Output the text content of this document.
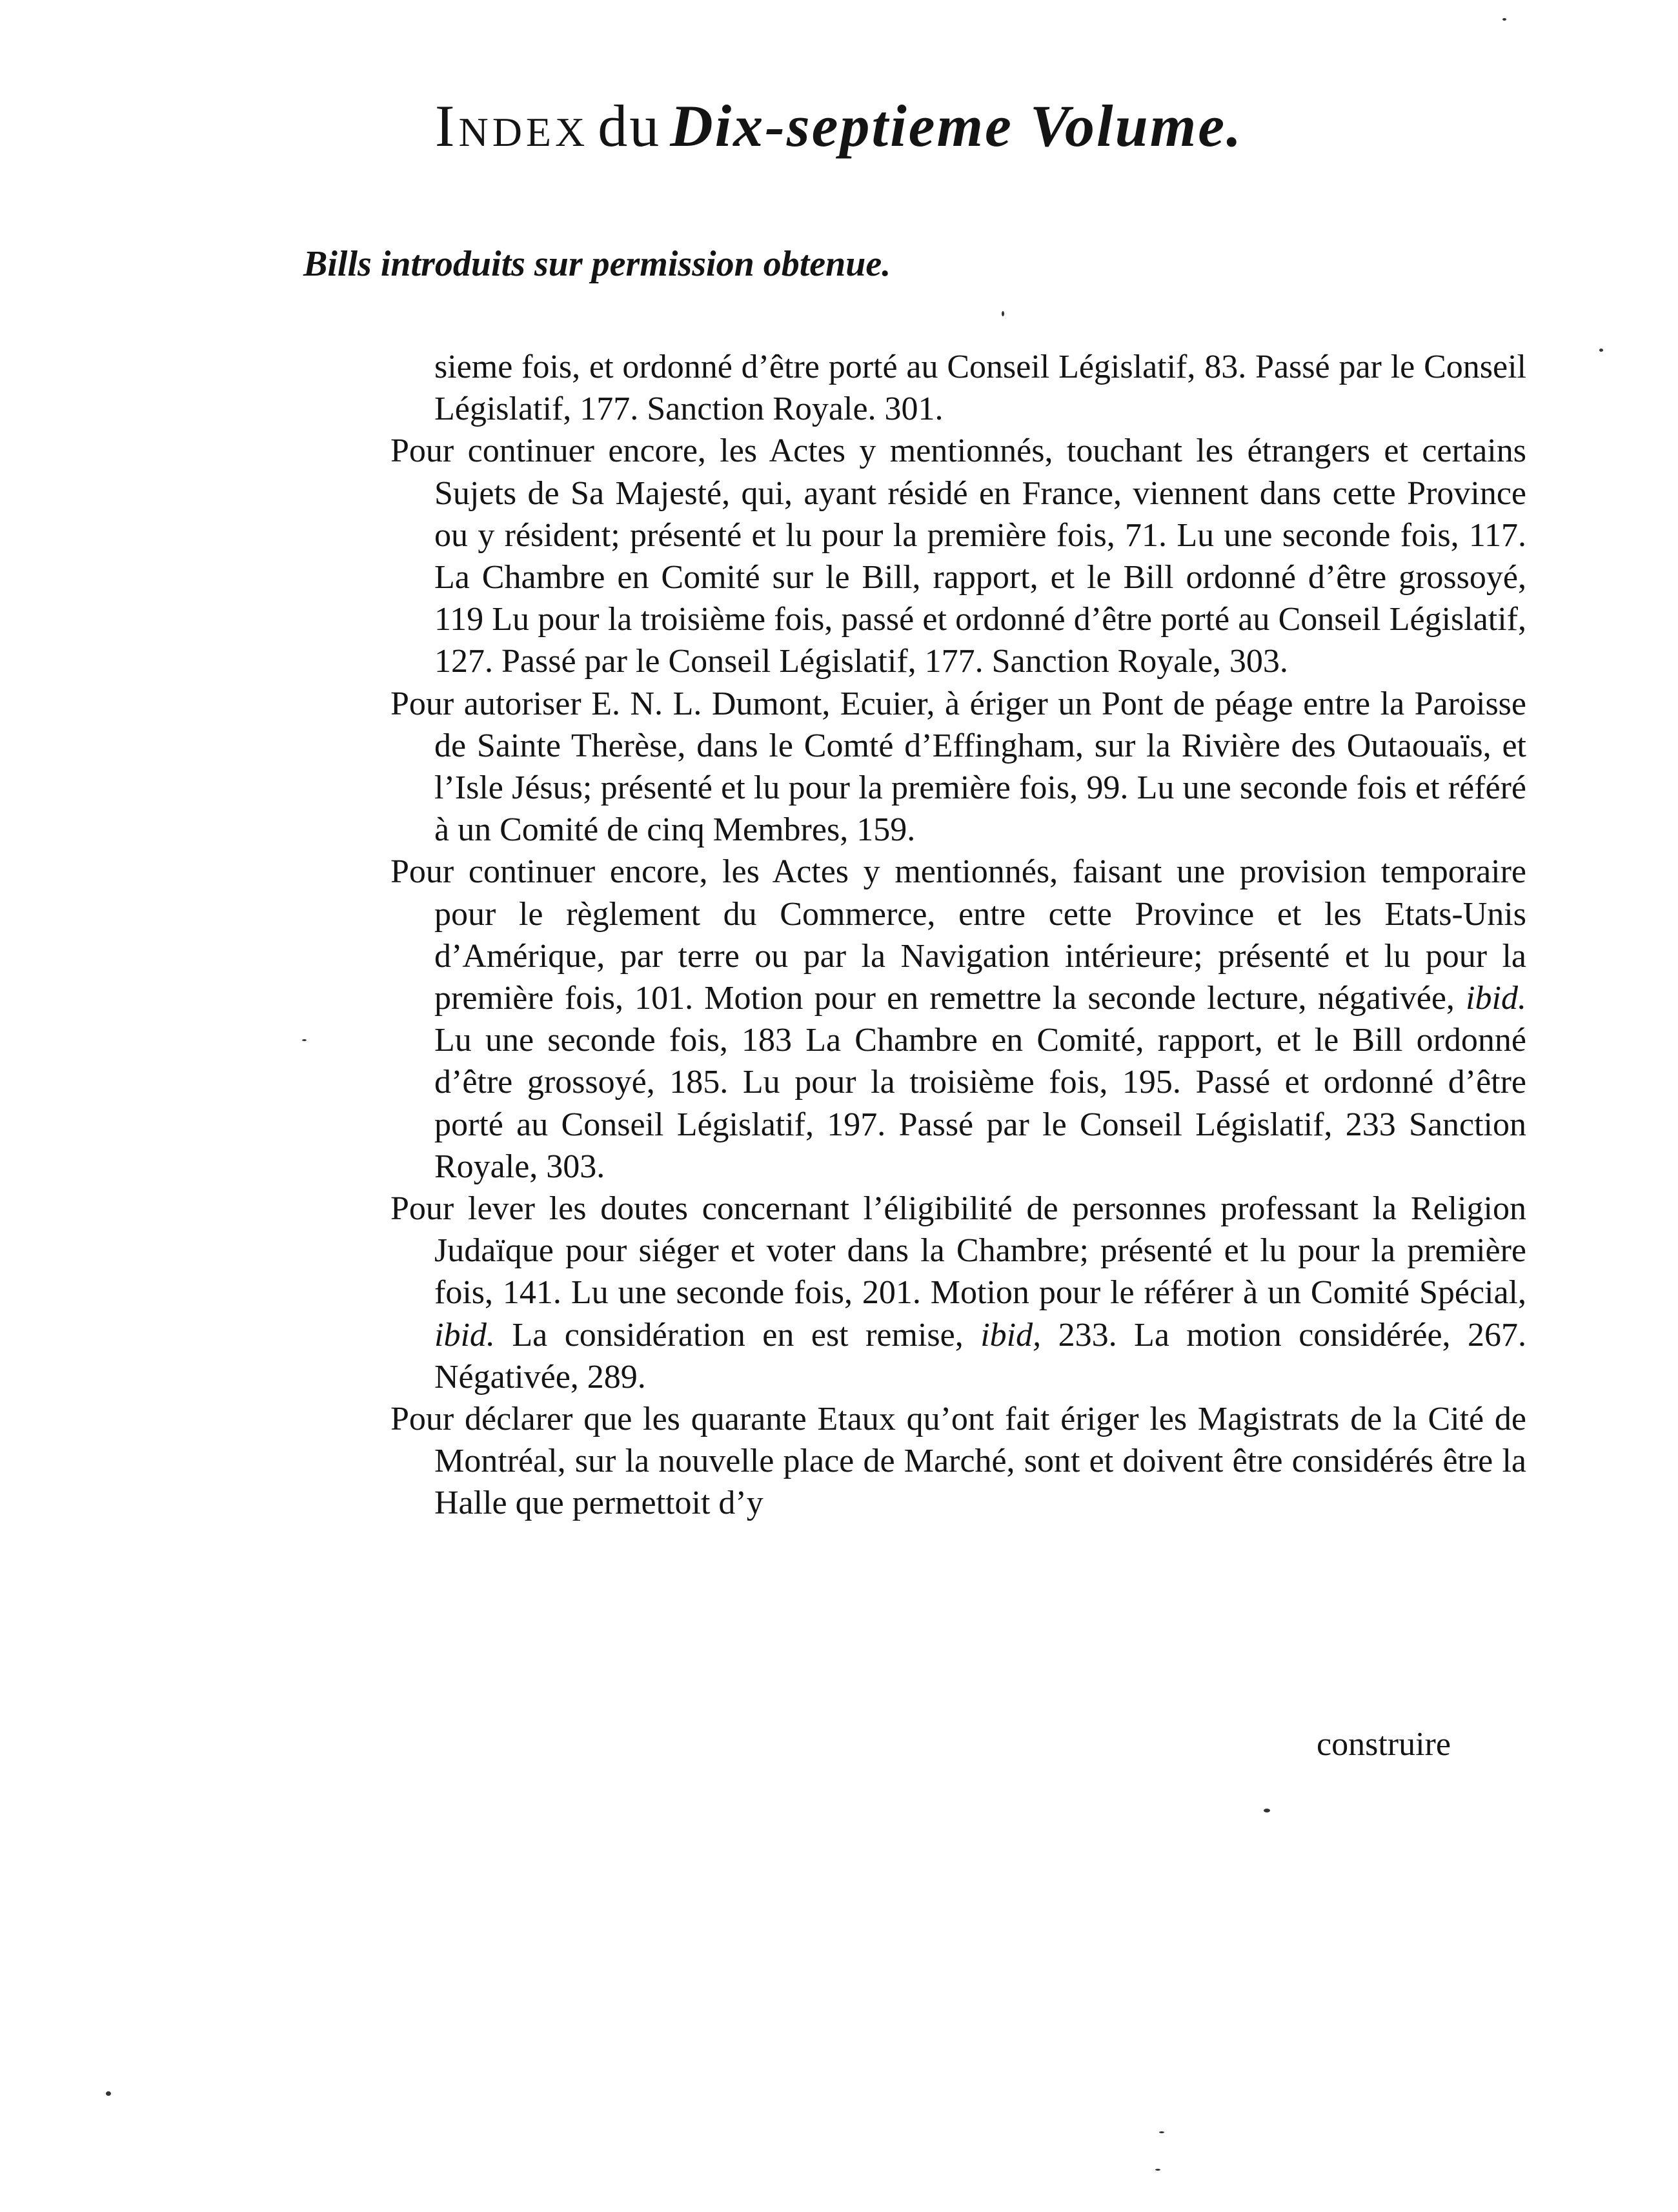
Index du Dix-septieme Volume.
Bills introduits sur permission obtenue.

sieme fois, et ordonné d’être porté au Conseil Législatif, 83. Passé par le Conseil Législatif, 177. Sanction Royale. 301.

Pour continuer encore, les Actes y mentionnés, touchant les étrangers et certains Sujets de Sa Majesté, qui, ayant résidé en France, viennent dans cette Province ou y résident; présenté et lu pour la première fois, 71. Lu une seconde fois, 117. La Chambre en Comité sur le Bill, rapport, et le Bill ordonné d’être grossoyé, 119 Lu pour la troisième fois, passé et ordonné d’être porté au Conseil Législatif, 127. Passé par le Conseil Législatif, 177. Sanction Royale, 303.

Pour autoriser E. N. L. Dumont, Ecuier, à ériger un Pont de péage entre la Paroisse de Sainte Therèse, dans le Comté d’Effingham, sur la Rivière des Outaouaïs, et l’Isle Jésus; présenté et lu pour la première fois, 99. Lu une seconde fois et référé à un Comité de cinq Membres, 159.

Pour continuer encore, les Actes y mentionnés, faisant une provision temporaire pour le règlement du Commerce, entre cette Province et les Etats-Unis d’Amérique, par terre ou par la Navigation intérieure; présenté et lu pour la première fois, 101. Motion pour en remettre la seconde lecture, négativée, ibid. Lu une seconde fois, 183 La Chambre en Comité, rapport, et le Bill ordonné d’être grossoyé, 185. Lu pour la troisième fois, 195. Passé et ordonné d’être porté au Conseil Législatif, 197. Passé par le Conseil Législatif, 233 Sanction Royale, 303.

Pour lever les doutes concernant l’éligibilité de personnes professant la Religion Judaïque pour siéger et voter dans la Chambre; présenté et lu pour la première fois, 141. Lu une seconde fois, 201. Motion pour le référer à un Comité Spécial, ibid. La considération en est remise, ibid, 233. La motion considérée, 267. Négativée, 289.

Pour déclarer que les quarante Etaux qu’ont fait ériger les Magistrats de la Cité de Montréal, sur la nouvelle place de Marché, sont et doivent être considérés être la Halle que permettoit d’y

construire
